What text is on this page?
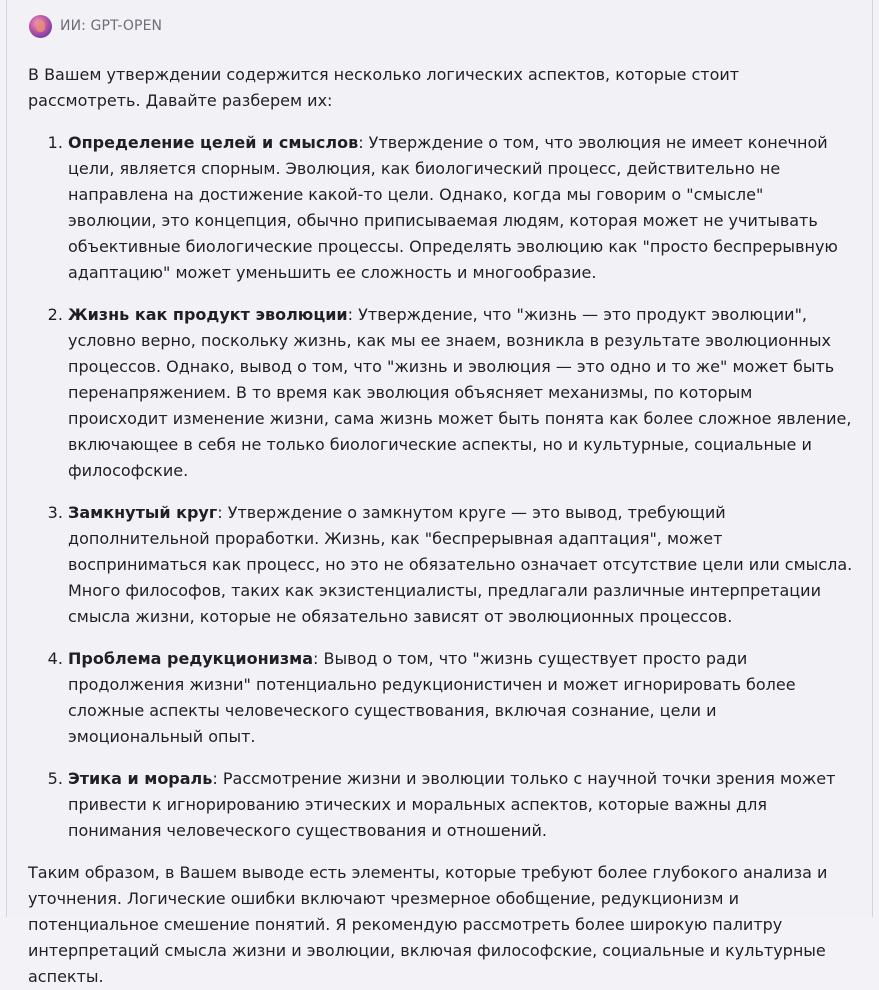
ИИ: GPT-OPEN

В Вашем утверждении содержится несколько логических аспектов, которые стоит рассмотреть. Давайте разберем их:

1. Определение целей и смыслов: Утверждение о том, что эволюция не имеет конечной цели, является спорным. Эволюция, как биологический процесс, действительно не направлена на достижение какой-то цели. Однако, когда мы говорим о "смысле" эволюции, это концепция, обычно приписываемая людям, которая может не учитывать объективные биологические процессы. Определять эволюцию как "просто беспрерывную адаптацию" может уменьшить ее сложность и многообразие.
2. Жизнь как продукт эволюции: Утверждение, что "жизнь — это продукт эволюции", условно верно, поскольку жизнь, как мы ее знаем, возникла в результате эволюционных процессов. Однако, вывод о том, что "жизнь и эволюция — это одно и то же" может быть перенапряжением. В то время как эволюция объясняет механизмы, по которым происходит изменение жизни, сама жизнь может быть понята как более сложное явление, включающее в себя не только биологические аспекты, но и культурные, социальные и философские.
3. Замкнутый круг: Утверждение о замкнутом круге — это вывод, требующий дополнительной проработки. Жизнь, как "беспрерывная адаптация", может восприниматься как процесс, но это не обязательно означает отсутствие цели или смысла. Много философов, таких как экзистенциалисты, предлагали различные интерпретации смысла жизни, которые не обязательно зависят от эволюционных процессов.
4. Проблема редукционизма: Вывод о том, что "жизнь существует просто ради продолжения жизни" потенциально редукционистичен и может игнорировать более сложные аспекты человеческого существования, включая сознание, цели и эмоциональный опыт.
5. Этика и мораль: Рассмотрение жизни и эволюции только с научной точки зрения может привести к игнорированию этических и моральных аспектов, которые важны для понимания человеческого существования и отношений.

Таким образом, в Вашем выводе есть элементы, которые требуют более глубокого анализа и уточнения. Логические ошибки включают чрезмерное обобщение, редукционизм и потенциальное смешение понятий. Я рекомендую рассмотреть более широкую палитру интерпретаций смысла жизни и эволюции, включая философские, социальные и культурные аспекты.
